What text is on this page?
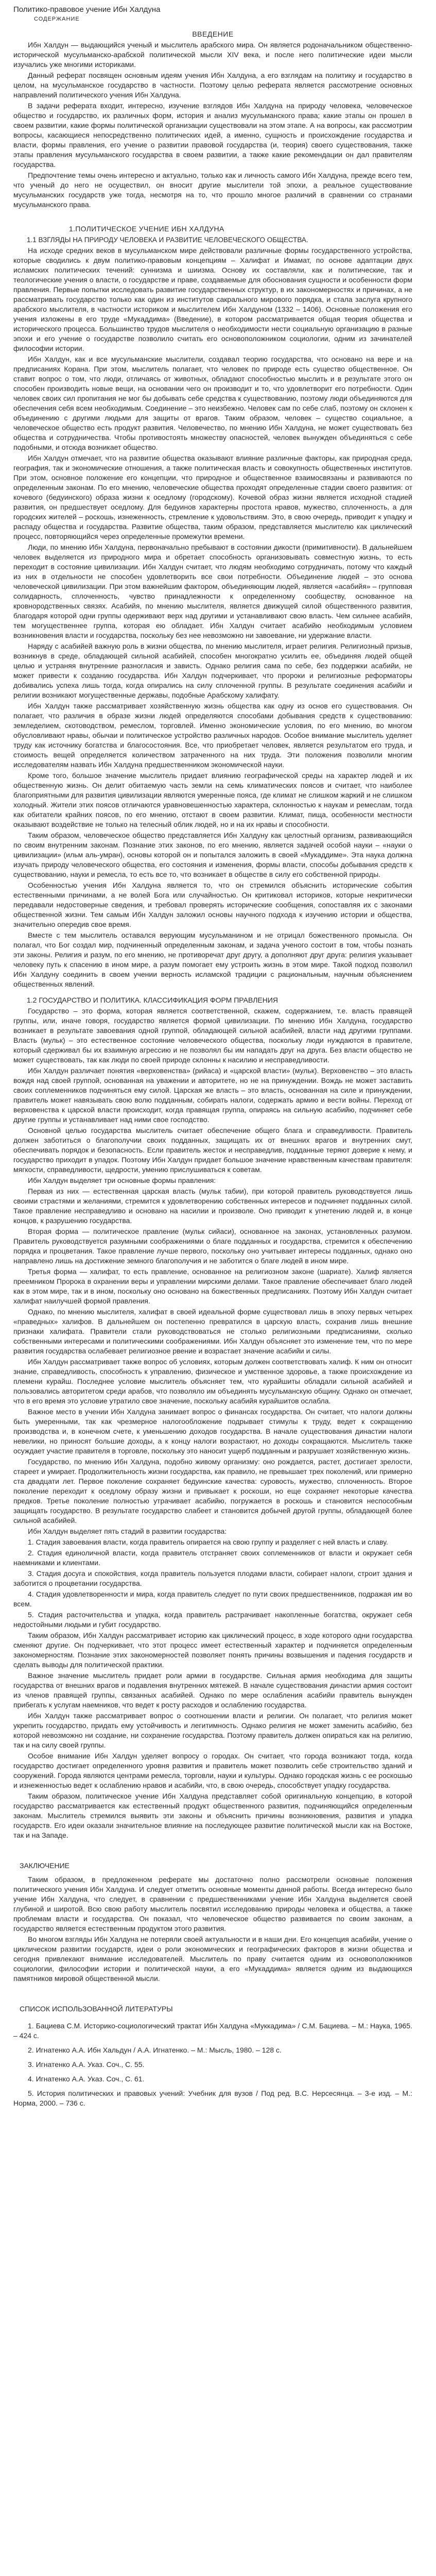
Политико-правовое учение Ибн Халдуна
СОДЕРЖАНИЕ
ВВЕДЕНИЕ

Ибн Халдун — выдающийся ученый и мыслитель арабского мира. Он является родоначальником общественно-исторической мусульманско-арабской политической мысли XIV века, и после него политические идеи мысли изучались уже многими историками.

Данный реферат посвящен основным идеям учения Ибн Халдуна, а его взглядам на политику и государство в целом, на мусульманское государство в частности. Поэтому целью реферата является рассмотрение основных направлений политического учения Ибн Халдуна.

В задачи реферата входит, интересно, изучение взглядов Ибн Халдуна на природу человека, человеческое общество и государство, их различных форм, история и анализ мусульманского права; какие этапы он прошел в своем развитии, какие формы политической организации существовали на этом этапе. А на вопросы, как рассмотрим вопросы, касающиеся непосредственно политических идей, а именно, сущность и происхождение государства и власти, формы правления, его учение о развитии правовой государства (и, теория) своего существования, также этапы правления мусульманского государства в своем развитии, а также какие рекомендации он дал правителям государства.

Предпочтение темы очень интересно и актуально, только как и личность самого Ибн Халдуна, прежде всего тем, что ученый до него не осуществил, он вносит другие мыслители той эпохи, а реальное существование мусульманских государств уже тогда, несмотря на то, что прошло многое различий в сравнении со странами мусульманского права.

1.ПОЛИТИЧЕСКОЕ УЧЕНИЕ ИБН ХАЛДУНА
1.1 ВЗГЛЯДЫ НА ПРИРОДУ ЧЕЛОВЕКА И РАЗВИТИЕ ЧЕЛОВЕЧЕСКОГО ОБЩЕСТВА.

На исходе средних веков в мусульманском мире действовали различные формы государственного устройства, которые сводились к двум политико-правовым концепциям – Халифат и Имамат, по основе адаптации двух исламских политических течений: суннизма и шиизма. Основу их составляли, как и политические, так и теологические учения о власти, о государстве и праве, создаваемые для обоснования сущности и особенности форм правления. Первые попытки исследовать развитие государственных структур, в их закономерностях и причинах, а не рассматривать государство только как один из институтов сакрального мирового порядка, и стала заслуга крупного арабского мыслителя, в частности историком и мыслителем Ибн Халдуном (1332 – 1406). Основные положения его учения изложены в его труде «Мукаддима» (Введение), в котором рассматривается общая теория общества и исторического процесса. Большинство трудов мыслителя о необходимости нести социальную организацию в разные эпохи и его учение о государстве позволило считать его основоположником социологии, одним из зачинателей философии истории.

Ибн Халдун, как и все мусульманские мыслители, создавал теорию государства, что основано на вере и на предписаниях Корана. При этом, мыслитель полагает, что человек по природе есть существо общественное. Он ставит вопрос о том, что люди, отличаясь от животных, обладают способностью мыслить и в результате этого он способен производить новые вещи, на основании чего он производит и то, что удовлетворит его потребности. Один человек своих сил пропитания не мог бы добывать себе средства к существованию, поэтому люди объединяются для обеспечения себя всем необходимым. Соединение – это неизбежно. Человек сам по себе слаб, поэтому он склонен к объединению с другими людьми для защиты от врагов. Таким образом, человек – существо социальное, а человеческое общество есть продукт развития. Человечество, по мнению Ибн Халдуна, не может существовать без общества и сотрудничества. Чтобы противостоять множеству опасностей, человек вынужден объединяться с себе подобными, и отсюда возникает общество.

Ибн Халдун отмечает, что на развитие общества оказывают влияние различные факторы, как природная среда, география, так и экономические отношения, а также политическая власть и совокупность общественных институтов. При этом, основное положение его концепции, что природное и общественное взаимосвязаны и развиваются по определенным законам. По его мнению, человеческие общества проходят определенные стадии своего развития: от кочевого (бедуинского) образа жизни к оседлому (городскому). Кочевой образ жизни является исходной стадией развития, он предшествует оседлому. Для бедуинов характерны простота нравов, мужество, сплоченность, а для городских жителей – роскошь, изнеженность, стремление к удовольствиям. Это, в свою очередь, приводит к упадку и распаду общества и государства. Развитие общества, таким образом, представляется мыслителю как циклический процесс, повторяющийся через определенные промежутки времени.

Люди, по мнению Ибн Халдуна, первоначально пребывают в состоянии дикости (примитивности). В дальнейшем человек выделяется из природного мира и обретает способность организовывать совместную жизнь, то есть переходит в состояние цивилизации. Ибн Халдун считает, что людям необходимо сотрудничать, потому что каждый из них в отдельности не способен удовлетворить все свои потребности. Объединение людей – это основа человеческой цивилизации. При этом важнейшим фактором, объединяющим людей, является «асабийя» – групповая солидарность, сплоченность, чувство принадлежности к определенному сообществу, основанное на кровнородственных связях. Асабийя, по мнению мыслителя, является движущей силой общественного развития, благодаря которой одни группы одерживают верх над другими и устанавливают свою власть. Чем сильнее асабийя, тем могущественнее группа, которая ею обладает. Ибн Халдун считает асабийю необходимым условием возникновения власти и государства, поскольку без нее невозможно ни завоевание, ни удержание власти.

Наряду с асабийей важную роль в жизни общества, по мнению мыслителя, играет религия. Религиозный призыв, возникнув в среде, обладающей сильной асабийей, способен многократно усилить ее, объединяя людей общей целью и устраняя внутренние разногласия и зависть. Однако религия сама по себе, без поддержки асабийи, не может привести к созданию государства. Ибн Халдун подчеркивает, что пророки и религиозные реформаторы добивались успеха лишь тогда, когда опирались на силу сплоченной группы. В результате соединения асабийи и религии возникают могущественные державы, подобные Арабскому халифату.

Ибн Халдун также рассматривает хозяйственную жизнь общества как одну из основ его существования. Он полагает, что различия в образе жизни людей определяются способами добывания средств к существованию: земледелием, скотоводством, ремеслом, торговлей. Именно экономические условия, по его мнению, во многом обусловливают нравы, обычаи и политическое устройство различных народов. Особое внимание мыслитель уделяет труду как источнику богатства и благосостояния. Все, что приобретает человек, является результатом его труда, и стоимость вещей определяется количеством затраченного на них труда. Эти положения позволили многим исследователям назвать Ибн Халдуна предшественником экономической науки.

Кроме того, большое значение мыслитель придает влиянию географической среды на характер людей и их общественную жизнь. Он делит обитаемую часть земли на семь климатических поясов и считает, что наиболее благоприятными для развития цивилизации являются умеренные пояса, где климат не слишком жаркий и не слишком холодный. Жители этих поясов отличаются уравновешенностью характера, склонностью к наукам и ремеслам, тогда как обитатели крайних поясов, по его мнению, отстают в своем развитии. Климат, пища, особенности местности оказывают воздействие не только на телесный облик людей, но и на их нравы и способности.

Таким образом, человеческое общество представляется Ибн Халдуну как целостный организм, развивающийся по своим внутренним законам. Познание этих законов, по его мнению, является задачей особой науки – «науки о цивилизации» (ильм аль-умран), основы которой он и попытался заложить в своей «Мукаддиме». Эта наука должна изучать природу человеческого общества, его состояния и изменения, формы власти, способы добывания средств к существованию, науки и ремесла, то есть все то, что возникает в обществе в силу его собственной природы.

Особенностью учения Ибн Халдуна является то, что он стремился объяснить исторические события естественными причинами, а не волей Бога или случайностью. Он критиковал историков, которые некритически передавали недостоверные сведения, и требовал проверять исторические сообщения, сопоставляя их с законами общественной жизни. Тем самым Ибн Халдун заложил основы научного подхода к изучению истории и общества, значительно опередив свое время.

Вместе с тем мыслитель оставался верующим мусульманином и не отрицал божественного промысла. Он полагал, что Бог создал мир, подчиненный определенным законам, и задача ученого состоит в том, чтобы познать эти законы. Религия и разум, по его мнению, не противоречат друг другу, а дополняют друг друга: религия указывает человеку путь к спасению в ином мире, а разум помогает ему устроить жизнь в этом мире. Такой подход позволил Ибн Халдуну соединить в своем учении верность исламской традиции с рациональным, научным объяснением общественных явлений.

1.2 ГОСУДАРСТВО И ПОЛИТИКА. КЛАССИФИКАЦИЯ ФОРМ ПРАВЛЕНИЯ

Государство – это форма, которая является соответственной, скажем, содержанием, т.е. власть правящей группы, или, иначе говоря, государство является формой цивилизации. По мнению Ибн Халдуна, государство возникает в результате завоевания одной группой, обладающей сильной асабийей, власти над другими группами. Власть (мульк) – это естественное состояние человеческого общества, поскольку люди нуждаются в правителе, который сдерживал бы их взаимную агрессию и не позволял бы им нападать друг на друга. Без власти общество не может существовать, так как люди по своей природе склонны к насилию и несправедливости.

Ибн Халдун различает понятия «верховенства» (рийаса) и «царской власти» (мульк). Верховенство – это власть вождя над своей группой, основанная на уважении и авторитете, но не на принуждении. Вождь не может заставить своих соплеменников подчиняться ему силой. Царская же власть – это власть, основанная на силе и принуждении, правитель может навязывать свою волю подданным, собирать налоги, содержать армию и вести войны. Переход от верховенства к царской власти происходит, когда правящая группа, опираясь на сильную асабийю, подчиняет себе другие группы и устанавливает над ними свое господство.

Основной целью государства мыслитель считает обеспечение общего блага и справедливости. Правитель должен заботиться о благополучии своих подданных, защищать их от внешних врагов и внутренних смут, обеспечивать порядок и безопасность. Если правитель жесток и несправедлив, подданные теряют доверие к нему, и государство приходит в упадок. Поэтому Ибн Халдун придает большое значение нравственным качествам правителя: мягкости, справедливости, щедрости, умению прислушиваться к советам.

Ибн Халдун выделяет три основные формы правления:

Первая из них — естественная царская власть (мульк табии), при которой правитель руководствуется лишь своими страстями и желаниями, стремится к удовлетворению собственных интересов и подчиняет подданных силой. Такое правление несправедливо и основано на насилии и произволе. Оно приводит к угнетению людей и, в конце концов, к разрушению государства.

Вторая форма — политическое правление (мульк сийаси), основанное на законах, установленных разумом. Правитель руководствуется разумными соображениями о благе подданных и государства, стремится к обеспечению порядка и процветания. Такое правление лучше первого, поскольку оно учитывает интересы подданных, однако оно направлено лишь на достижение земного благополучия и не заботится о благе людей в ином мире.

Третья форма — халифат, то есть правление, основанное на религиозном законе (шариате). Халиф является преемником Пророка в охранении веры и управлении мирскими делами. Такое правление обеспечивает благо людей как в этом мире, так и в ином, поскольку оно основано на божественных предписаниях. Поэтому Ибн Халдун считает халифат наилучшей формой правления.

Однако, по мнению мыслителя, халифат в своей идеальной форме существовал лишь в эпоху первых четырех «праведных» халифов. В дальнейшем он постепенно превратился в царскую власть, сохранив лишь внешние признаки халифата. Правители стали руководствоваться не столько религиозными предписаниями, сколько собственными интересами и политическими соображениями. Ибн Халдун объясняет это изменение тем, что по мере развития государства ослабевает религиозное рвение и возрастает значение асабийи и силы.

Ибн Халдун рассматривает также вопрос об условиях, которым должен соответствовать халиф. К ним он относит знание, справедливость, способность к управлению, физическое и умственное здоровье, а также происхождение из племени курайш. Последнее условие мыслитель объясняет тем, что курайшиты обладали сильной асабийей и пользовались авторитетом среди арабов, что позволяло им объединять мусульманскую общину. Однако он отмечает, что в его время это условие утратило свое значение, поскольку асабийя курайшитов ослабла.

Важное место в учении Ибн Халдуна занимает вопрос о финансах государства. Он считает, что налоги должны быть умеренными, так как чрезмерное налогообложение подрывает стимулы к труду, ведет к сокращению производства и, в конечном счете, к уменьшению доходов государства. В начале существования династии налоги невелики, но приносят большие доходы, а к концу налоги возрастают, но доходы сокращаются. Мыслитель также осуждает участие правителя в торговле, поскольку это наносит ущерб подданным и разрушает хозяйственную жизнь.

Государство, по мнению Ибн Халдуна, подобно живому организму: оно рождается, растет, достигает зрелости, стареет и умирает. Продолжительность жизни государства, как правило, не превышает трех поколений, или примерно ста двадцати лет. Первое поколение сохраняет бедуинские качества: суровость, мужество, сплоченность. Второе поколение переходит к оседлому образу жизни и привыкает к роскоши, но еще сохраняет некоторые качества предков. Третье поколение полностью утрачивает асабийю, погружается в роскошь и становится неспособным защищать государство. В результате государство слабеет и становится добычей другой группы, обладающей более сильной асабийей.

Ибн Халдун выделяет пять стадий в развитии государства:

1. Стадия завоевания власти, когда правитель опирается на свою группу и разделяет с ней власть и славу.

2. Стадия единоличной власти, когда правитель отстраняет своих соплеменников от власти и окружает себя наемниками и клиентами.

3. Стадия досуга и спокойствия, когда правитель пользуется плодами власти, собирает налоги, строит здания и заботится о процветании государства.

4. Стадия удовлетворенности и мира, когда правитель следует по пути своих предшественников, подражая им во всем.

5. Стадия расточительства и упадка, когда правитель растрачивает накопленные богатства, окружает себя недостойными людьми и губит государство.

Таким образом, Ибн Халдун рассматривает историю как циклический процесс, в ходе которого одни государства сменяют другие. Он подчеркивает, что этот процесс имеет естественный характер и подчиняется определенным закономерностям. Познание этих закономерностей позволяет понять причины возвышения и падения государств и сделать выводы для политической практики.

Важное значение мыслитель придает роли армии в государстве. Сильная армия необходима для защиты государства от внешних врагов и подавления внутренних мятежей. В начале существования династии армия состоит из членов правящей группы, связанных асабийей. Однако по мере ослабления асабийи правитель вынужден прибегать к услугам наемников, что ведет к росту расходов и ослаблению государства.

Ибн Халдун также рассматривает вопрос о соотношении власти и религии. Он полагает, что религия может укрепить государство, придать ему устойчивость и легитимность. Однако религия не может заменить асабийю, без которой невозможно ни создание, ни сохранение государства. Поэтому правитель должен опираться как на религию, так и на силу своей группы.

Особое внимание Ибн Халдун уделяет вопросу о городах. Он считает, что города возникают тогда, когда государство достигает определенного уровня развития и правитель может позволить себе строительство зданий и сооружений. Города являются центрами ремесла, торговли, науки и культуры. Однако городская жизнь с ее роскошью и изнеженностью ведет к ослаблению нравов и асабийи, что, в свою очередь, способствует упадку государства.

Таким образом, политическое учение Ибн Халдуна представляет собой оригинальную концепцию, в которой государство рассматривается как естественный продукт общественного развития, подчиняющийся определенным законам. Мыслитель стремился выявить эти законы и объяснить причины возникновения, развития и упадка государств. Его идеи оказали значительное влияние на последующее развитие политической мысли как на Востоке, так и на Западе.

ЗАКЛЮЧЕНИЕ

Таким образом, в предложенном реферате мы достаточно полно рассмотрели основные положения политического учения Ибн Халдуна. И следует отметить основные моменты данной работы. Всегда интересно было учение Ибн Халдуна, что следует, в сравнении с предшественниками учение Ибн Халдуна выделяется своей глубиной и широтой. Всю свою работу мыслитель посвятил исследованию природы человека и общества, а также проблемам власти и государства. Он показал, что человеческое общество развивается по своим законам, а государство является естественным продуктом этого развития.

Во многом взгляды Ибн Халдуна не потеряли своей актуальности и в наши дни. Его концепция асабийи, учение о циклическом развитии государств, идеи о роли экономических и географических факторов в жизни общества и сегодня привлекают внимание исследователей. Мыслитель по праву считается одним из основоположников социологии, философии истории и политической науки, а его «Мукаддима» является одним из выдающихся памятников мировой общественной мысли.

СПИСОК ИСПОЛЬЗОВАННОЙ ЛИТЕРАТУРЫ

1. Бациева С.М. Историко-социологический трактат Ибн Халдуна «Муккадима» / С.М. Бациева. – М.: Наука, 1965. – 424 с.

2. Игнатенко А.А. Ибн Хальдун / А.А. Игнатенко. – М.: Мысль, 1980. – 128 с.

3. Игнатенко А.А. Указ. Соч., С. 55.

4. Игнатенко А.А. Указ. Соч., С. 61.

5. История политических и правовых учений: Учебник для вузов / Под ред. В.С. Нерсесянца. – 3-е изд. – М.: Норма, 2000. – 736 с.
